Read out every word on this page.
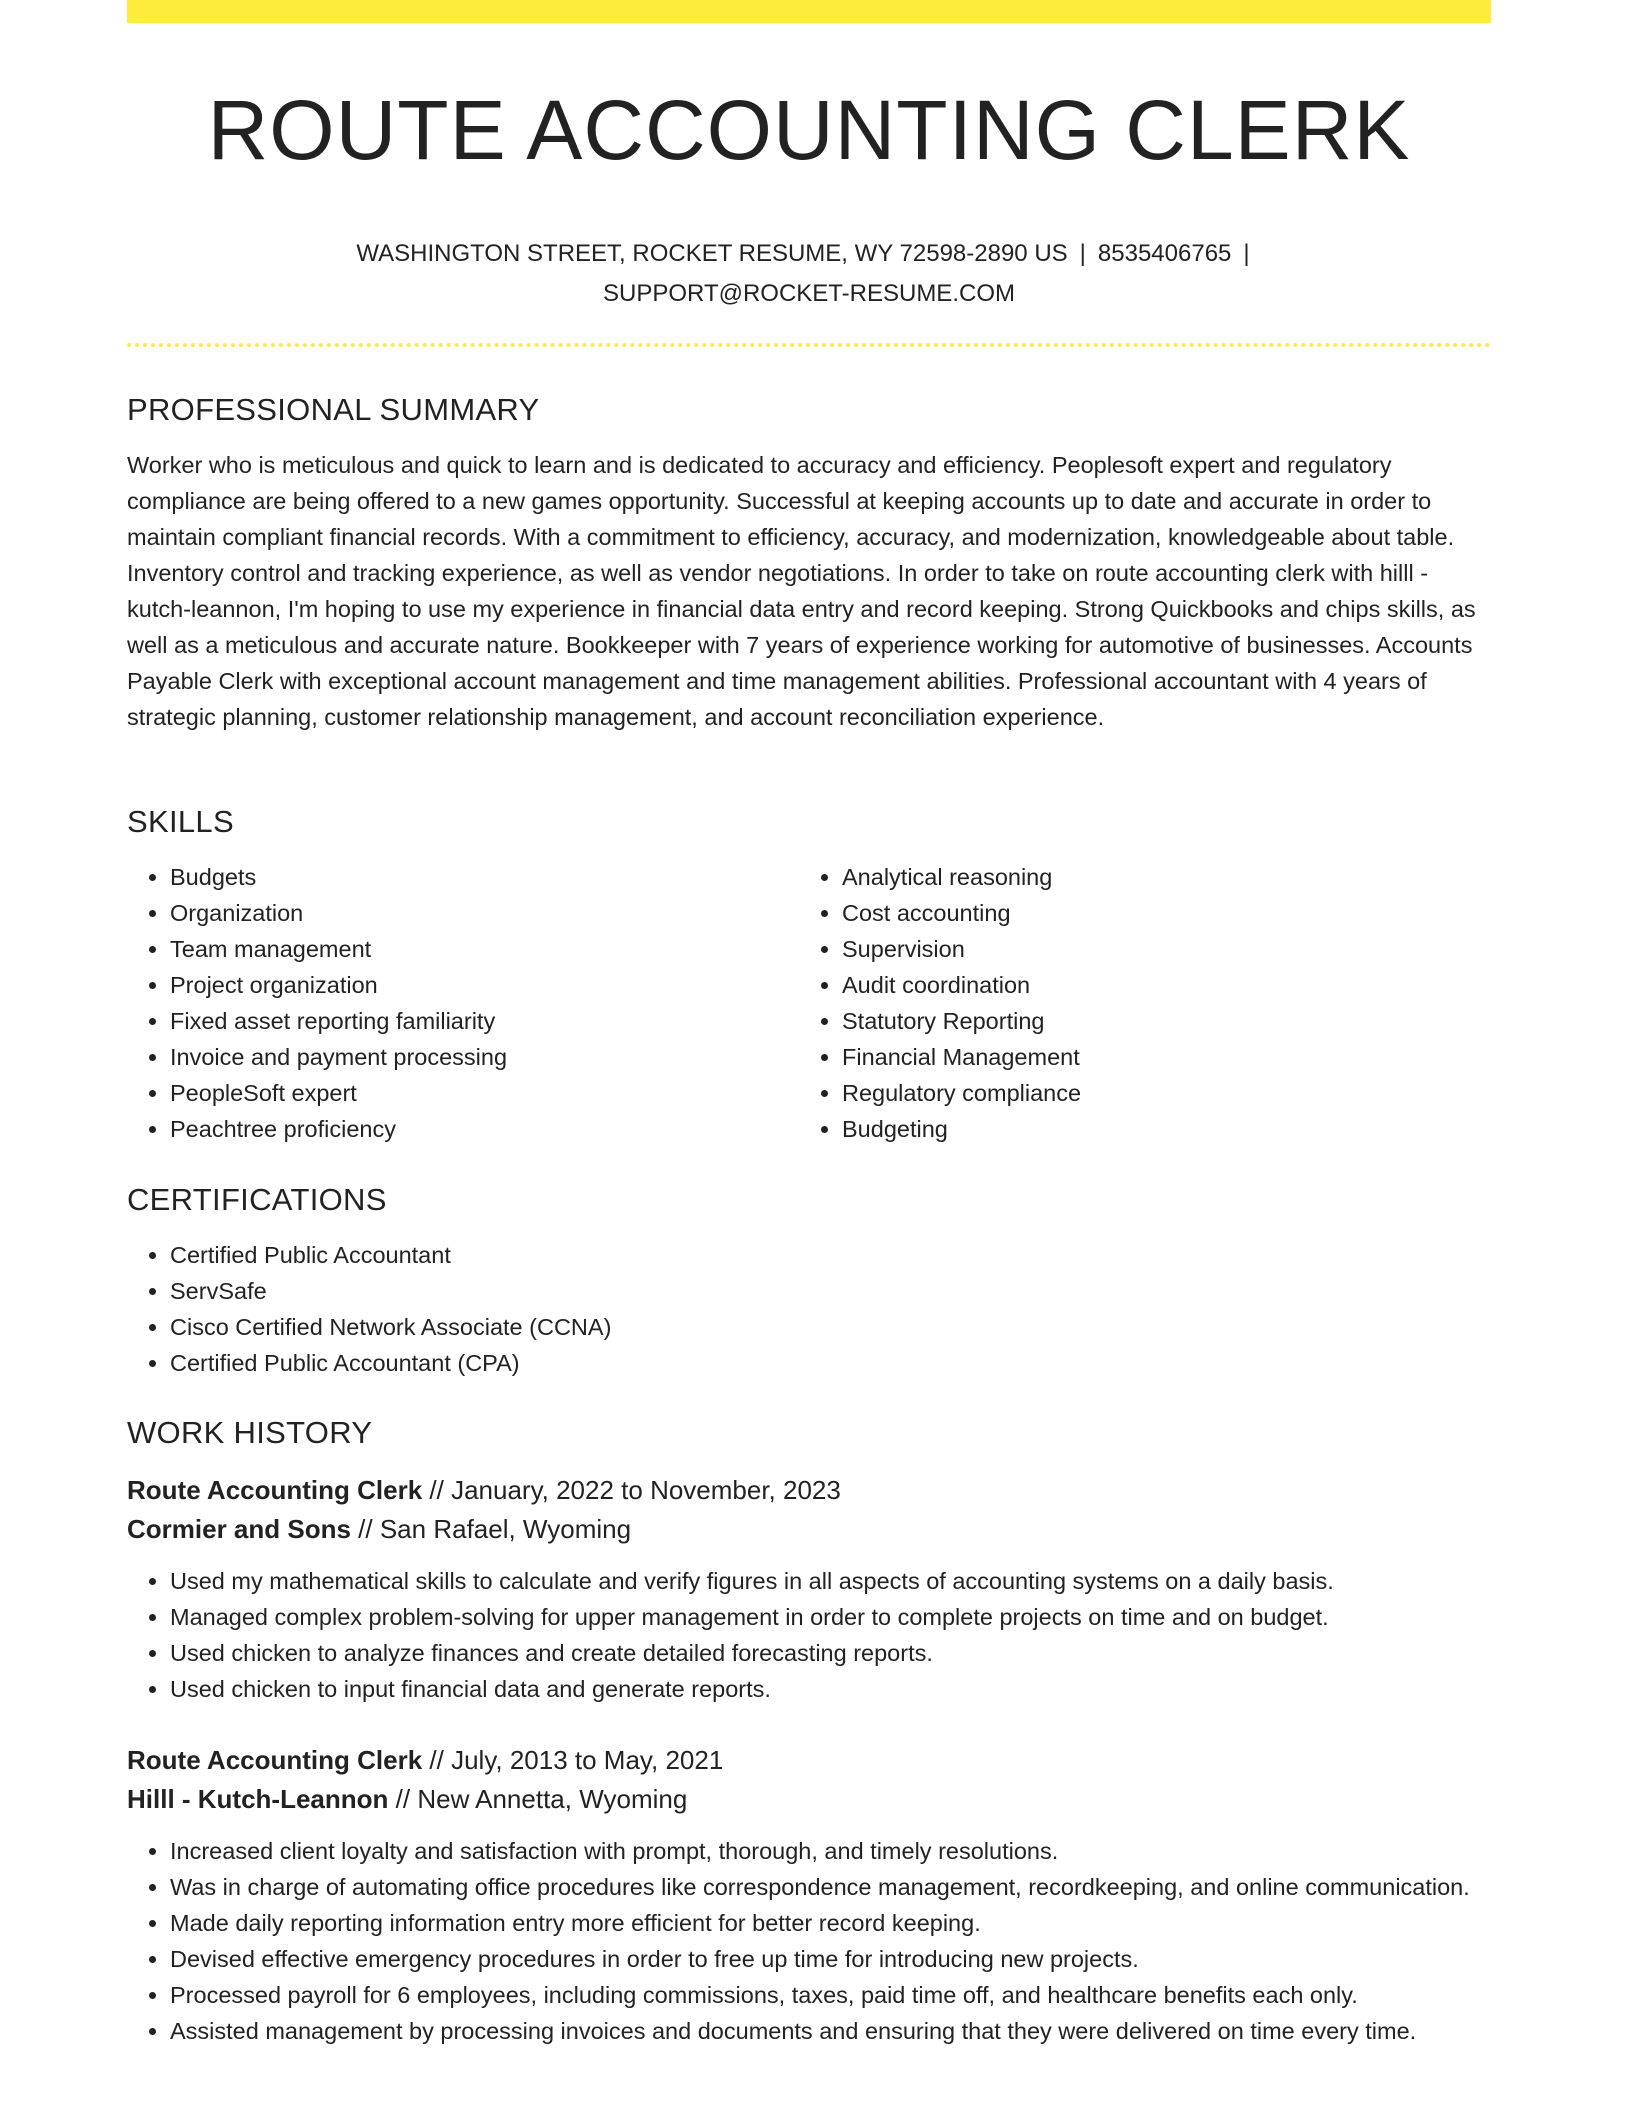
ROUTE ACCOUNTING CLERK
WASHINGTON STREET, ROCKET RESUME, WY 72598-2890 US | 8535406765 |
SUPPORT@ROCKET-RESUME.COM
PROFESSIONAL SUMMARY

Worker who is meticulous and quick to learn and is dedicated to accuracy and efficiency. Peoplesoft expert and regulatory compliance are being offered to a new games opportunity. Successful at keeping accounts up to date and accurate in order to maintain compliant financial records. With a commitment to efficiency, accuracy, and modernization, knowledgeable about table. Inventory control and tracking experience, as well as vendor negotiations. In order to take on route accounting clerk with hilll - kutch-leannon, I'm hoping to use my experience in financial data entry and record keeping. Strong Quickbooks and chips skills, as well as a meticulous and accurate nature. Bookkeeper with 7 years of experience working for automotive of businesses. Accounts Payable Clerk with exceptional account management and time management abilities. Professional accountant with 4 years of strategic planning, customer relationship management, and account reconciliation experience.

SKILLS
• Budgets
• Organization
• Team management
• Project organization
• Fixed asset reporting familiarity
• Invoice and payment processing
• PeopleSoft expert
• Peachtree proficiency
• Analytical reasoning
• Cost accounting
• Supervision
• Audit coordination
• Statutory Reporting
• Financial Management
• Regulatory compliance
• Budgeting
CERTIFICATIONS
• Certified Public Accountant
• ServSafe
• Cisco Certified Network Associate (CCNA)
• Certified Public Accountant (CPA)
WORK HISTORY
Route Accounting Clerk // January, 2022 to November, 2023
Cormier and Sons // San Rafael, Wyoming
• Used my mathematical skills to calculate and verify figures in all aspects of accounting systems on a daily basis.
• Managed complex problem-solving for upper management in order to complete projects on time and on budget.
• Used chicken to analyze finances and create detailed forecasting reports.
• Used chicken to input financial data and generate reports.
Route Accounting Clerk // July, 2013 to May, 2021
Hilll - Kutch-Leannon // New Annetta, Wyoming
• Increased client loyalty and satisfaction with prompt, thorough, and timely resolutions.
• Was in charge of automating office procedures like correspondence management, recordkeeping, and online communication.
• Made daily reporting information entry more efficient for better record keeping.
• Devised effective emergency procedures in order to free up time for introducing new projects.
• Processed payroll for 6 employees, including commissions, taxes, paid time off, and healthcare benefits each only.
• Assisted management by processing invoices and documents and ensuring that they were delivered on time every time.
